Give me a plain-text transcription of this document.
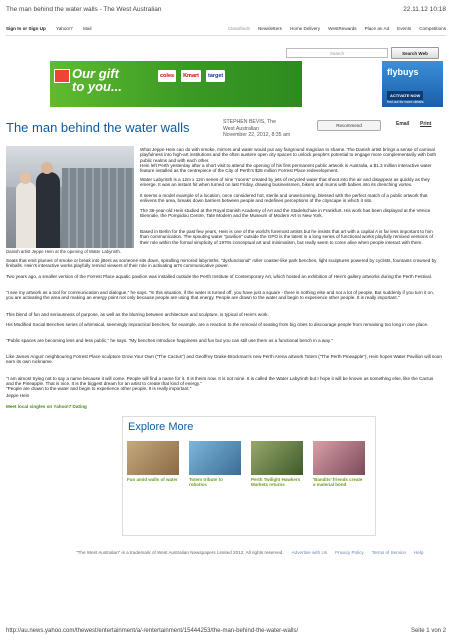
The man behind the water walls - The West Australian	22.11.12 10:18
Sign In or Sign Up Yahoo!7 Mail	Classifieds Newsletters Home Delivery WestRewards Place an Ad Events Competitions
Search	Search Web
Our gift
to you...
coles	Kmart	target	flybuys
ACTIVATE NOW
find out for more details
The man behind the water walls	STEPHEN BEVIS, The
West Australian
November 22, 2012, 8:35 am
Recommend	Email Print
Danish artist Jeppe Hein at the opening of Water Labyrinth.
What Jeppe Hein can do with smoke, mirrors and water would put any fairground magician to shame. The Danish artist brings a sense of carnival playfulness into high-art institutions and the often austere open city spaces to unlock people's potential to engage more complementarily with both public realms and with each other.
Hein left Perth yesterday after a short visit to attend the opening of his first permanent public artwork in Australia, a $1.3 million interactive water feature installed as the centrepiece of the City of Perth's $28 million Forrest Place redevelopment.
Water Labyrinth is a 12m x 12m series of nine "rooms" created by jets of recycled water that shoot into the air and disappear as quickly as they emerge. It was an instant hit when turned on last Friday, drawing businessmen, bikers and mums with babies into its drenching vortex.
It seems a model example of a location, once considered hot, sterile and unwelcoming, blessed with the perfect match of a public artwork that enlivens the area, breaks down barriers between people and redefines perceptions of the cityscape in which it sits.
The 38-year-old Hein studied at the Royal Danish Academy of Art and the Stadelschule in Frankfurt. His work has been displayed at the Venice Biennale, the Pompidou Centre, Tate Modern and the Museum of Modern Art in New York.
Based in Berlin for the past few years, Hein is one of the world's foremost artists but he insists that art with a capital A is far less important to him than communication. The spouting water "pavilion" outside the GPO is the latest in a long series of functional works playfully remixed versions of their role within the formal simplicity of 1970s conceptual art and minimalism, but really seem to come alive when people interact with them.
Seats that emit plumes of smoke or break into jitters as someone sits down, spiralling mirrored labyrinths, "dysfunctional" roller coaster-like park benches, light sculptures powered by cyclists, fountains crowned by fireballs. Hein's interactive works playfully remind viewers of their role in activating art's communicative power.
Two years ago, a smaller version of the Forrest Place aquatic pavilion was installed outside the Perth Institute of Contemporary Art, which hosted an exhibition of Hein's gallery artworks during the Perth Festival.
"I see my artwork as a tool for communication and dialogue," he says. "In this situation, if the water is turned off, you have just a square - there is nothing else and not a lot of people. But suddenly if you turn it on, you are activating the area and making an energy point not only because people are using that energy. People are drawn to the water and begin to experience other people. It is really important."
This blend of fun and seriousness of purpose, as well as the blurring between architecture and sculpture, is typical of Hein's work.
His Modified Social Benches series of whimsical, seemingly impractical benches, for example, are a reaction to the removal of seating from big cities to discourage people from remaining too long in one place.
"Public spaces are becoming less and less public," he says. "My benches introduce happiness and fun but you can still use them as a functional bench in a way."
Like James Angus' neighbouring Forrest Place sculpture Grow Your Own ("The Cactus") and Geoffrey Drake-Brockman's new Perth Arena artwork Totem ("The Perth Pineapple"), Hein hopes Water Pavilion will soon earn its own nickname.
"I am almost trying not to say a name because it will come. People will find a name for it. It is theirs now. It is not mine. It is called the Water Labyrinth but I hope it will be known as something else, like the Cactus and the Pineapple. That is nice. It is the biggest dream for an artist to create that kind of energy."
"People are drawn to the water and begin to experience other people. It is really important."
Jeppe Hein
Meet local singles on Yahoo!7 Dating
Explore More
Fun amid walls of water Totem tribute to robotics
Perth Twilight Hawkers Markets returns
'Bandits' friends create a material bond
"The West Australian" is a trademark of West Australian Newspapers Limited 2012. All rights reserved. Advertise with Us Privacy Policy Terms of Service Help
http://au.news.yahoo.com/thewest/entertainment/a/-/entertainment/15444253/the-man-behind-the-water-walls/	Seite 1 von 2
